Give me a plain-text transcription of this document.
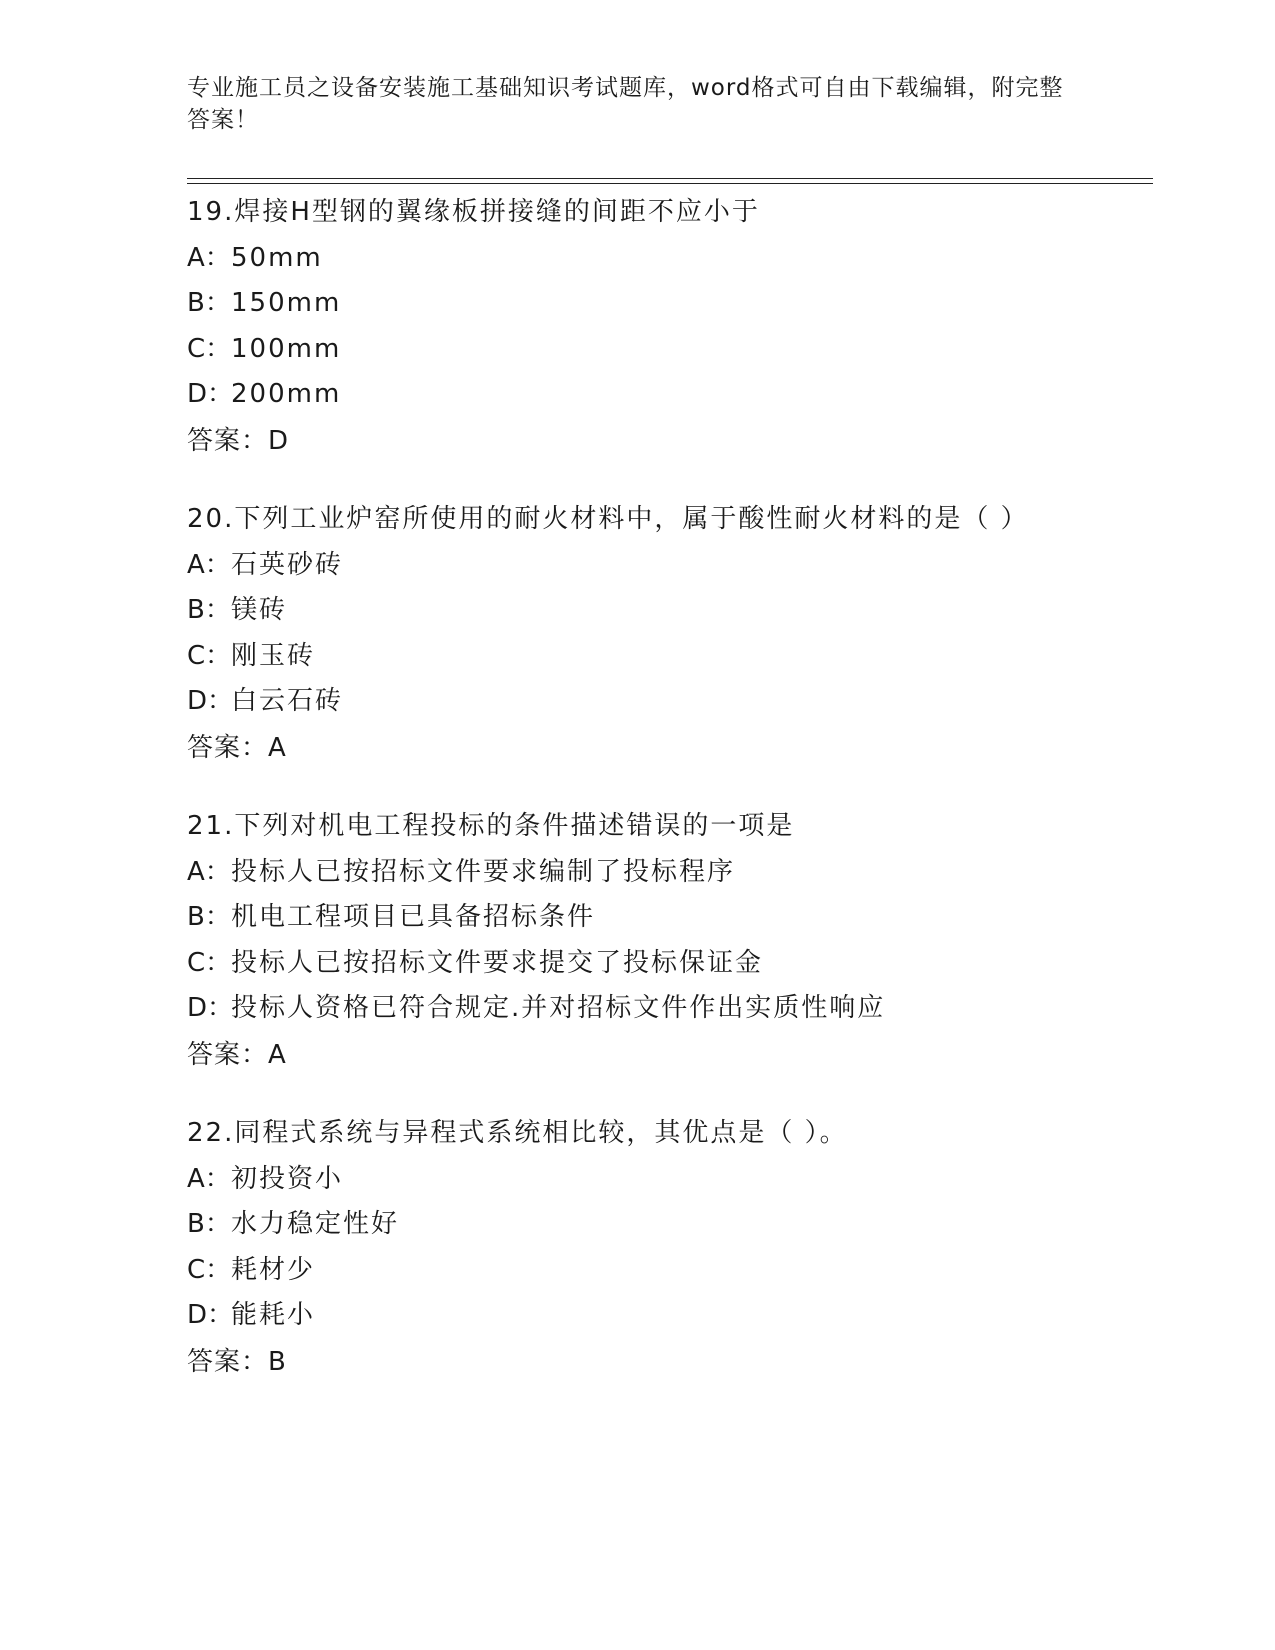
专业施工员之设备安装施工基础知识考试题库，word格式可自由下载编辑，附完整答案！
19.焊接H型钢的翼缘板拼接缝的间距不应小于
A：50mm
B：150mm
C：100mm
D：200mm
答案：D
20.下列工业炉窑所使用的耐火材料中，属于酸性耐火材料的是（ ）
A：石英砂砖
B：镁砖
C：刚玉砖
D：白云石砖
答案：A
21.下列对机电工程投标的条件描述错误的一项是
A：投标人已按招标文件要求编制了投标程序
B：机电工程项目已具备招标条件
C：投标人已按招标文件要求提交了投标保证金
D：投标人资格已符合规定.并对招标文件作出实质性响应
答案：A
22.同程式系统与异程式系统相比较，其优点是（ ）。
A：初投资小
B：水力稳定性好
C：耗材少
D：能耗小
答案：B
